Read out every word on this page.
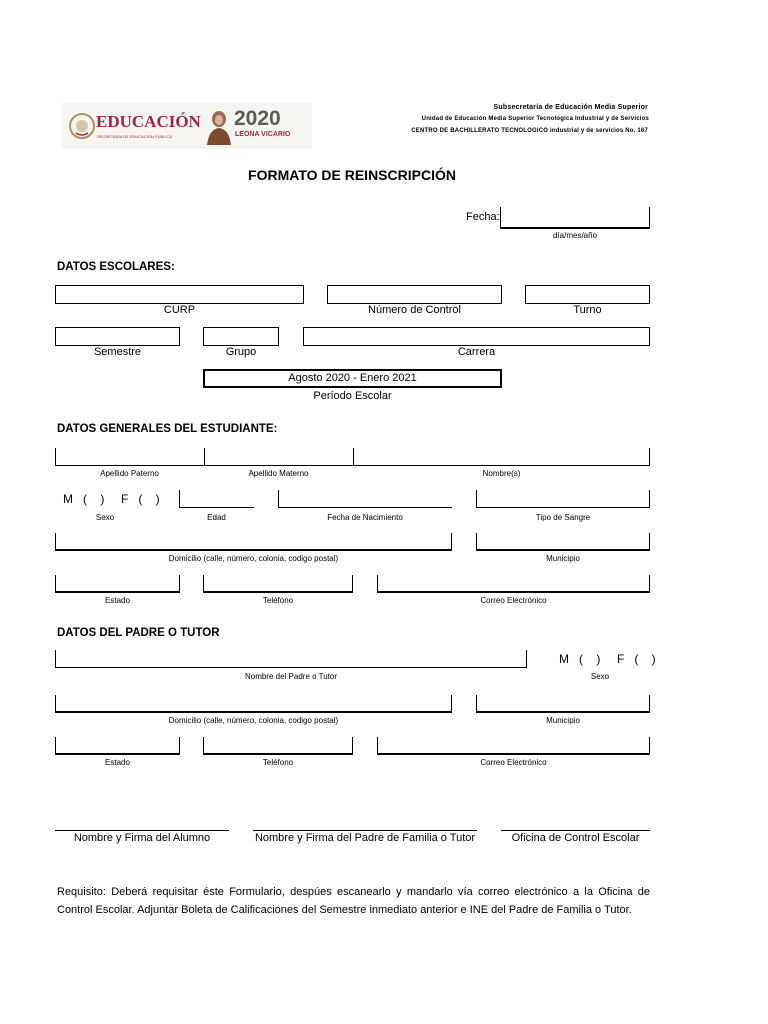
EDUCACIÓN
SECRETARÍA DE EDUCACIÓN PÚBLICA
2020
LEONA VICARIO
Subsecretaría de Educación Media Superior
Unidad de Educación Media Superior Tecnológica Industrial y de Servicios
CENTRO DE BACHILLERATO TECNOLOGICO industrial y de servicios No. 167
FORMATO DE REINSCRIPCIÓN
Fecha:
día/mes/año
DATOS ESCOLARES:
CURP	Número de Control	Turno
Semestre	Grupo	Carrera
Agosto 2020 - Enero 2021
Período Escolar
DATOS GENERALES DEL ESTUDIANTE:
Apellido Paterno	Apellido Materno	Nombre(s)
M   (    )     F   (    )
Sexo	Edad	Fecha de Nacimiento	Tipo de Sangre
Domicilio (calle, número, colonia, codigo postal)	Municipio
Estado	Teléfono	Correo Electrónico
DATOS DEL PADRE O TUTOR
M   (    )     F   (    )
Nombre del Padre o Tutor	Sexo
Domicilio (calle, número, colonia, codigo postal)	Municipio
Estado	Teléfono	Correo Electrónico
Nombre y Firma del Alumno	Nombre y Firma del Padre de Familia o Tutor	Oficina de Control Escolar
Requisito: Deberá requisitar éste Formulario, despúes escanearlo y mandarlo vía correo electrónico a la Oficina de Control Escolar. Adjuntar Boleta de Calificaciones del Semestre inmediato anterior e INE del Padre de Familia o Tutor.
